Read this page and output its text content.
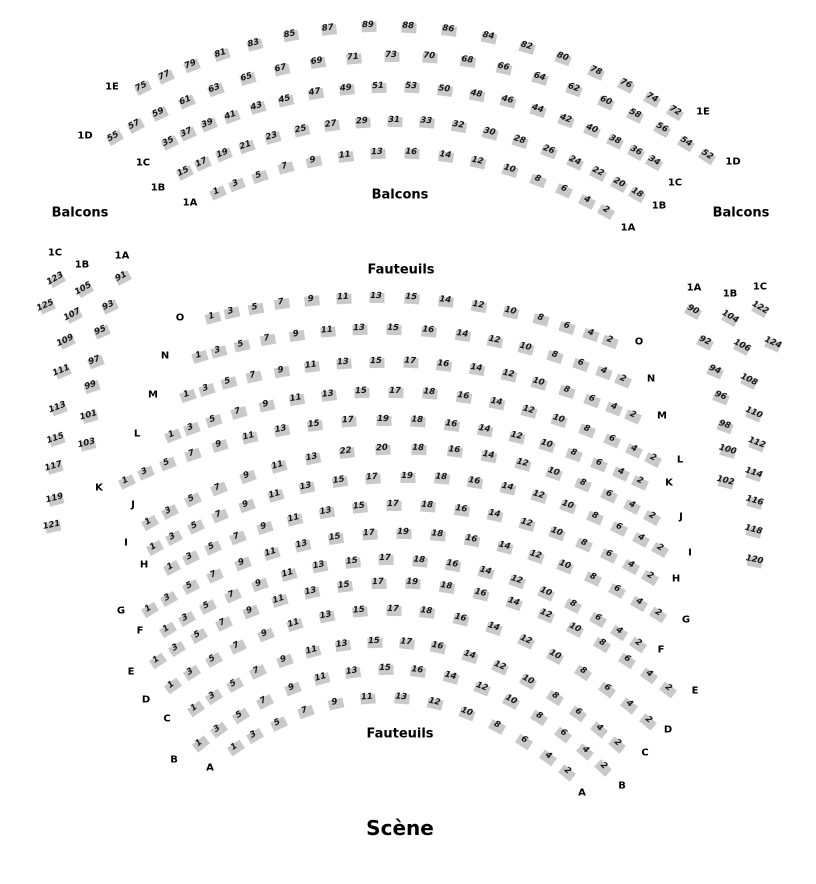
Balcons
Balcons
Balcons
Fauteuils
Fauteuils
Scène
75
77
79
81
83
85
87	89	88	86
84
82
80
78
76
74
72
1E
1E
55
57
59
61
63
65
67
69	71	73	70	68
66
64
62
60
58
56
54
52
1D
1D
35
37
39
41
43
45 47 49 51 53 50 48
46
44
42
40
38
36
34
1C
1C
15
17
19
21
23
25 27 29 31 33 32
30
28
26
24
22
20
18
1B
1B
1
3
5
7
9 11 13	16 14 12
10
8
6
4
2
1A
1A
123
125
1C
105
107
109
111
113
115
117
119
121
1B
91
93
95
97
99
101
103
1A
90
92
94
96
98
100
102
1A
104
106
108
110
112
114
116
118
120
1B
122
124
1C
1 3 5 7	9	11	13	15	14 12 10
8
6
4
2
O
O
1 3
5 7	9 11 13	15	16 14 12
10
8
6
4
2
N
N
1
3
5
7
9 11 13 15	17	16 14 12
10
8
6
4
2
M
M
1
3
5
7
9
11 13 15	17	18	16 14
12
10
8
6
4
2
L
L
1
3
5
7
9
11
13 15	17	19	18	16 14
12
10
8
6
4
2
K	K
1
3
5
7
9
11
13	22	20	18	16	14
12
10
8
6
4
2
J
J
1
3
5
7
9
11
13 15 17	19	18 16
14
12
10
8
6
4
2
I
I
1
3
5
7
9
11
13 15	17	18	16 14
12
10
8
6
4
2
H
H
1
3
5
7
9
11
13
15 17	19	18 16
14
12
10
8
6
4
2
G
G
1
3
5
7
9
11
13 15 17	18 16
14
12
10
8
6
4
2
F
F
1
3
5
7
9
11
13 15	17	19	18
16
14
12
10
8
6
4
2
E
E
1
3
5
7
9
11
13 15	17	18 16
14
12
10
8
6
4
2
D
D
1
3
5
7
9
11
13 15 17 16
14
12
10
8
6
4
2
C
C
1
3
5
7
9
11
13 15 16 14
12
10
8
6
4
2
B
B
1
3
5
7
9	11 13 12
10
8
6
4
2
A
A
